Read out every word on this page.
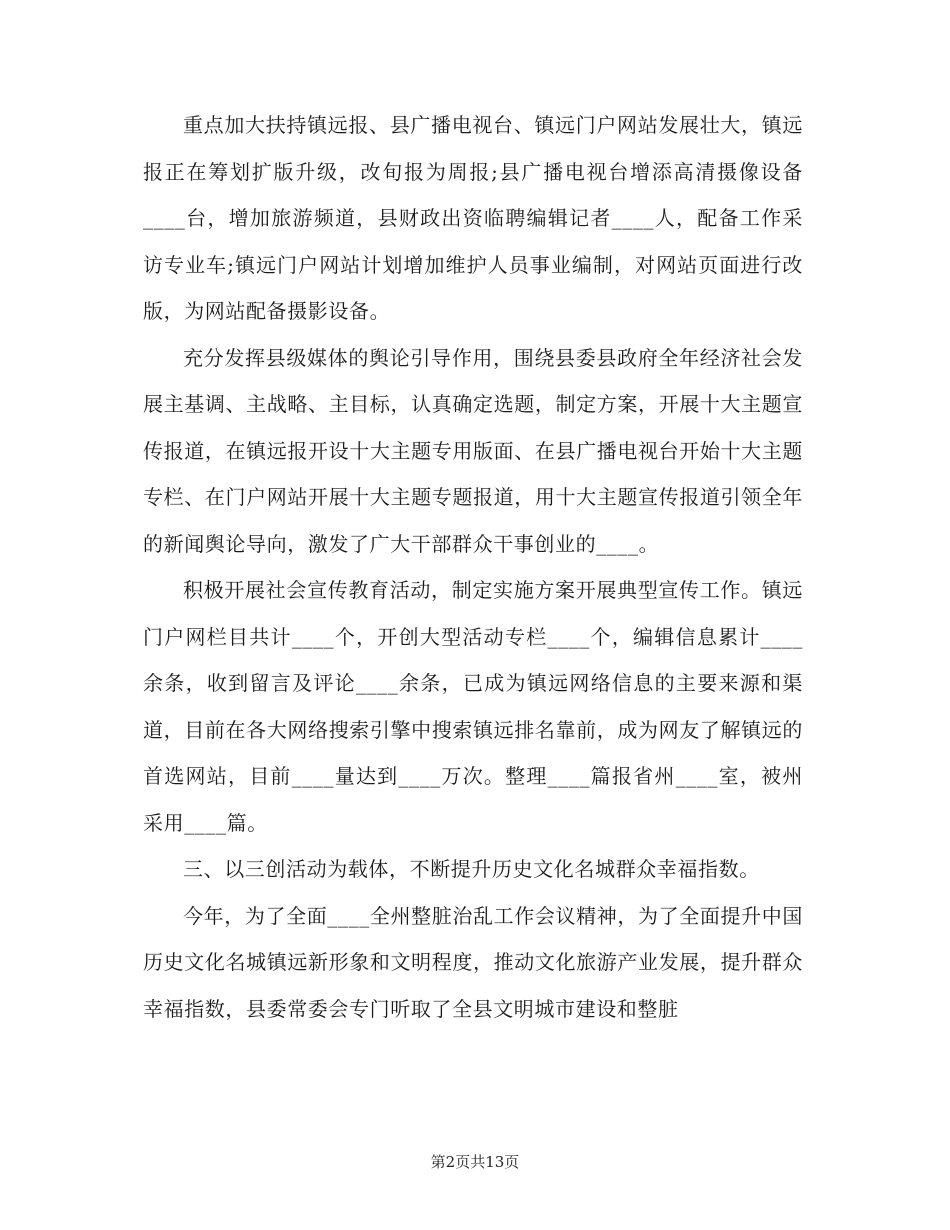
重点加大扶持镇远报、县广播电视台、镇远门户网站发展壮大，镇远报正在筹划扩版升级，改旬报为周报;县广播电视台增添高清摄像设备____台，增加旅游频道，县财政出资临聘编辑记者____人，配备工作采访专业车;镇远门户网站计划增加维护人员事业编制，对网站页面进行改版，为网站配备摄影设备。

充分发挥县级媒体的舆论引导作用，围绕县委县政府全年经济社会发展主基调、主战略、主目标，认真确定选题，制定方案，开展十大主题宣传报道，在镇远报开设十大主题专用版面、在县广播电视台开始十大主题专栏、在门户网站开展十大主题专题报道，用十大主题宣传报道引领全年的新闻舆论导向，激发了广大干部群众干事创业的____。

积极开展社会宣传教育活动，制定实施方案开展典型宣传工作。镇远门户网栏目共计____个，开创大型活动专栏____个，编辑信息累计____余条，收到留言及评论____余条，已成为镇远网络信息的主要来源和渠道，目前在各大网络搜索引擎中搜索镇远排名靠前，成为网友了解镇远的首选网站，目前____量达到____万次。整理____篇报省州____室，被州采用____篇。

三、以三创活动为载体，不断提升历史文化名城群众幸福指数。

今年，为了全面____全州整脏治乱工作会议精神，为了全面提升中国历史文化名城镇远新形象和文明程度，推动文化旅游产业发展，提升群众幸福指数，县委常委会专门听取了全县文明城市建设和整脏

第2页共13页
